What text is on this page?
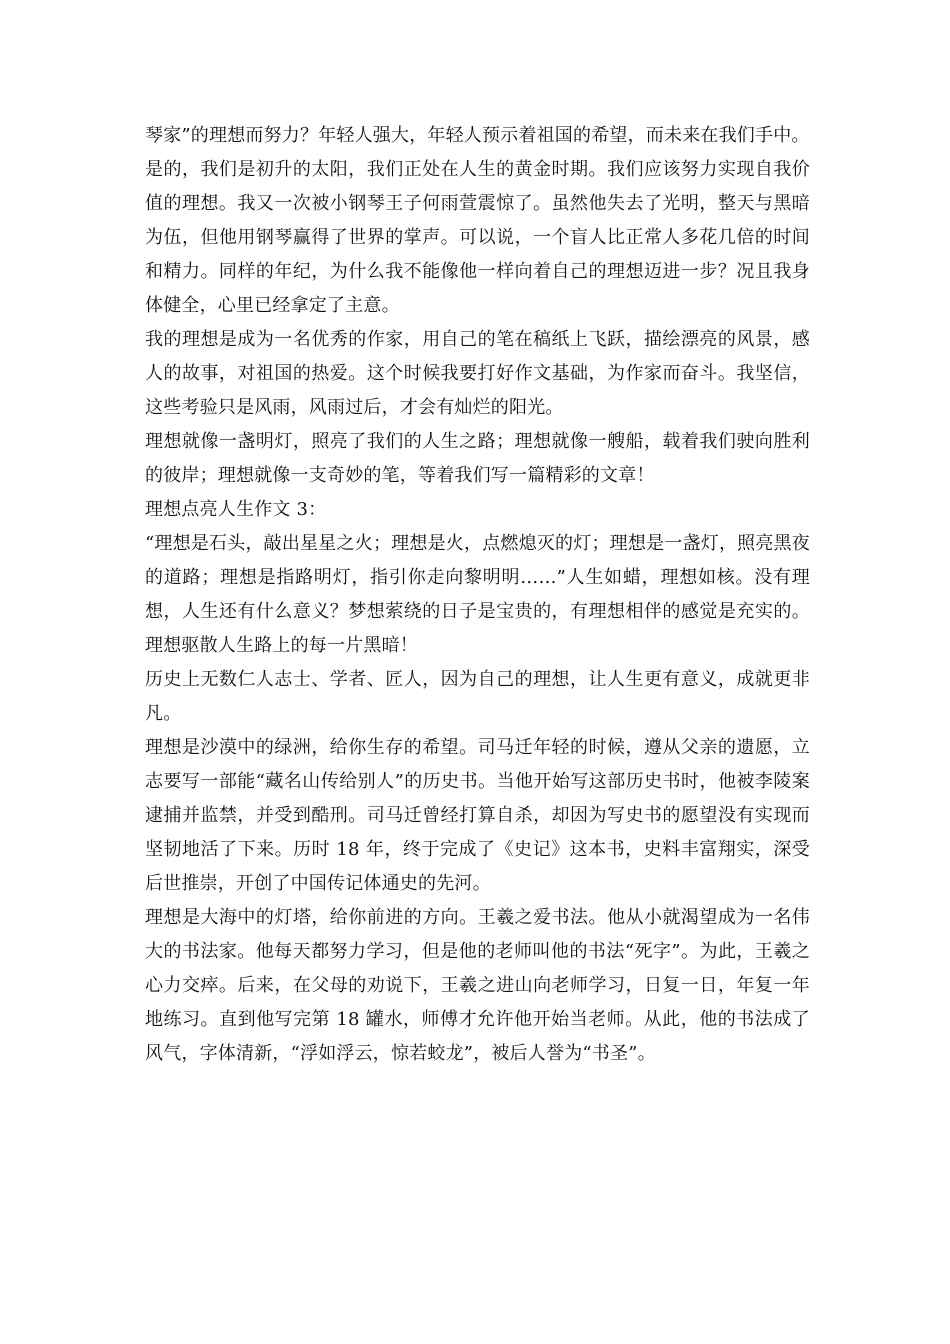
琴家”的理想而努力？年轻人强大，年轻人预示着祖国的希望，而未来在我们手中。

是的，我们是初升的太阳，我们正处在人生的黄金时期。我们应该努力实现自我价值的理想。我又一次被小钢琴王子何雨萱震惊了。虽然他失去了光明，整天与黑暗为伍，但他用钢琴赢得了世界的掌声。可以说，一个盲人比正常人多花几倍的时间和精力。同样的年纪，为什么我不能像他一样向着自己的理想迈进一步？况且我身体健全，心里已经拿定了主意。

我的理想是成为一名优秀的作家，用自己的笔在稿纸上飞跃，描绘漂亮的风景，感人的故事，对祖国的热爱。这个时候我要打好作文基础，为作家而奋斗。我坚信，这些考验只是风雨，风雨过后，才会有灿烂的阳光。

理想就像一盏明灯，照亮了我们的人生之路；理想就像一艘船，载着我们驶向胜利的彼岸；理想就像一支奇妙的笔，等着我们写一篇精彩的文章！

理想点亮人生作文 3：

“理想是石头，敲出星星之火；理想是火，点燃熄灭的灯；理想是一盏灯，照亮黑夜的道路；理想是指路明灯，指引你走向黎明明……”人生如蜡，理想如核。没有理想，人生还有什么意义？梦想萦绕的日子是宝贵的，有理想相伴的感觉是充实的。理想驱散人生路上的每一片黑暗！

历史上无数仁人志士、学者、匠人，因为自己的理想，让人生更有意义，成就更非凡。

理想是沙漠中的绿洲，给你生存的希望。司马迁年轻的时候，遵从父亲的遗愿，立志要写一部能“藏名山传给别人”的历史书。当他开始写这部历史书时，他被李陵案逮捕并监禁，并受到酷刑。司马迁曾经打算自杀，却因为写史书的愿望没有实现而坚韧地活了下来。历时 18 年，终于完成了《史记》这本书，史料丰富翔实，深受后世推崇，开创了中国传记体通史的先河。

理想是大海中的灯塔，给你前进的方向。王羲之爱书法。他从小就渴望成为一名伟大的书法家。他每天都努力学习，但是他的老师叫他的书法“死字”。为此，王羲之心力交瘁。后来，在父母的劝说下，王羲之进山向老师学习，日复一日，年复一年地练习。直到他写完第 18 罐水，师傅才允许他开始当老师。从此，他的书法成了风气，字体清新，“浮如浮云，惊若蛟龙”，被后人誉为“书圣”。
